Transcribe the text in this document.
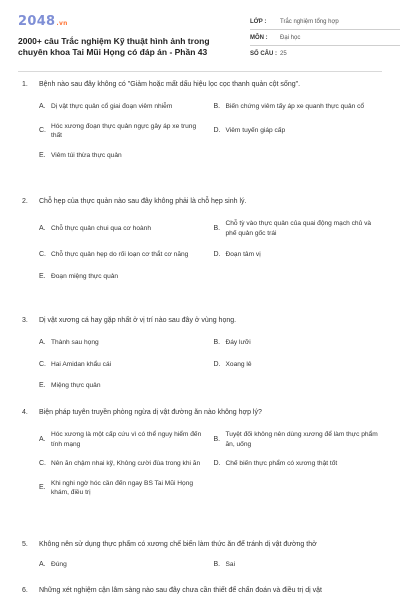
2048.vn
2000+ câu Trắc nghiệm Kỹ thuật hình ảnh trong chuyên khoa Tai Mũi Họng có đáp án - Phần 43
LỚP :	Trắc nghiệm tổng hợp
MÔN :	Đại học
SỐ CÂU : 25
1.	Bệnh nào sau đây không có "Giảm hoặc mất dấu hiệu lọc cọc thanh quản cột sống".
A. Dị vật thực quản cổ giai đoạn viêm nhiễm	B. Biến chứng viêm tấy áp xe quanh thực quản cổ
C.
Hóc xương đoạn thực quản ngực gây áp xe trung thất
D. Viêm tuyến giáp cấp
E. Viêm túi thừa thực quản
2.	Chỗ hẹp của thực quản nào sau đây không phải là chỗ hẹp sinh lý.
A. Chỗ thực quản chui qua cơ hoành	B.
Chỗ tỳ vào thực quản của quai động mạch chủ và phế quản gốc trái
C. Chỗ thực quản hẹp do rối loạn cơ thắt cơ năng	D. Đoạn tâm vị
E. Đoạn miệng thực quản
3.	Dị vật xương cá hay gặp nhất ở vị trí nào sau đây ở vùng họng.
A. Thành sau họng	B. Đáy lưỡi
C. Hai Amidan khẩu cái	D. Xoang lê
E. Miệng thực quản
4.	Biện pháp tuyên truyền phòng ngừa dị vật đường ăn nào không hợp lý?
A.
Hóc xương là một cấp cứu vì có thể nguy hiểm đến tính mạng
B.
Tuyệt đối không nên dùng xương để làm thực phẩm ăn, uống
C. Nên ăn chậm nhai kỹ, Không cười đùa trong khi ăn	D. Chế biến thực phẩm có xương thật tốt
E.
Khi nghi ngờ hóc cần đến ngay BS Tai Mũi Họng khám, điều trị
5.	Không nên sử dụng thực phẩm có xương chế biến làm thức ăn để tránh dị vật đường thở
A. Đúng	B. Sai
6.	Những xét nghiệm cận lâm sàng nào sau đây chưa cần thiết để chẩn đoán và điều trị dị vật
